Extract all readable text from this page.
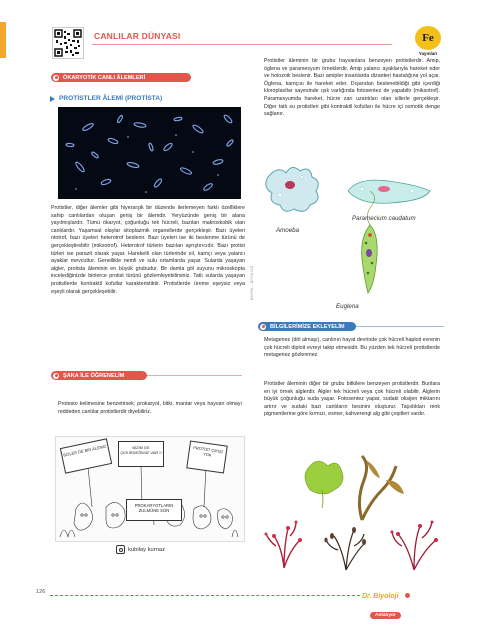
CANLILAR DÜNYASI	Fe
Yayınları
ÖKARYOTİK CANLI ÂLEMLERİ
PROTİSTLER ÂLEMİ (PROTİSTA)

Protistler, diğer âlemler gibi hiyerarşik bir düzende ilerlemeyen farklı özelliklere sahip canlılardan oluşan geniş bir âlemdir. Yeryüzünde geniş bir alana yayılmışlardır. Tümü ökaryot, çoğunluğu tek hücreli, bazıları makroskobik olan canlılardır. Yaşamsal olaylar sitoplazmik organellerde gerçekleşir. Bazı üyeleri ototrof, bazı üyeleri heterotrof beslenir. Bazı üyeleri ise iki beslenme türünü de gerçekleştirebilir (miksotrof). Heterotrof türlerin bazıları ayrıştırıcıdır. Bazı protist türleri ise parazit olarak yaşar. Hareketli olan türlerinde sil, kamçı veya yalancı ayaklar mevcuttur. Genellikle nemli ve sulu ortamlarda yaşar. Sularda yaşayan algler, protista âleminin en büyük grubudur. Bir damla göl suyunu mikroskopta incelediğinizde binlerce protist türünü gözlemleyebilirsiniz. Tatlı sularda yaşayan protistlerde kontraktil kofullar karakteristiktir. Protistlerde üreme eşeysiz veya eşeyli olarak gerçekleşebilir.	BAYRA... BİYOLOJİ
ŞAKA İLE ÖĞRENELİM

Protesto kelimesine benzetirsek; prokaryot, bitki, mantar veya hayvan olmayı reddeden canlılar protistlerdir diyebiliriz.

BİZLER DE BİR ÂLEMİZ	BİZİM DE ÇEKİRDEĞİMİZ VAR !!	PROTİST ÇIKIŞI YOK
PROKARYOTLARIN ZULMÜNE SON
kubilay kurnaz

Protistler âleminin bir grubu hayvanlara benzeyen protistlerdir. Amip, öglena ve paramesyum örneklerdir. Amip yalancı ayaklarıyla hareket eder ve holozoik beslenir. Bazı amipler insanlarda dizanteri hastalığına yol açar. Öglena, kamçısı ile hareket eder. Dışarıdan beslenebildiği gibi içerdiği kloroplastlar sayesinde ışık varlığında fotosentez de yapabilir (miksotrof). Paramesyumda hareket, hücre zarı uzantıları olan sillerle gerçekleşir. Diğer tatlı su protistleri gibi kontraktil kofulları ile hücre içi osmotik denge sağlanır.

Amoeba
Paramecium caudatum
Euglena
BİLGİLERİMİZE EKLEYELİM

Metagenez (döl almaşı), canlının hayat devrinde çok hücreli haploit evrenin çok hücreli diploit evreyi takip etmesidir. Bu yüzden tek hücreli protistlerde metagenez gözlenmez.

Protistler âleminin diğer bir grubu bitkilere benzeyen protistlerdir. Bunlara en iyi örnek alglerdir. Algler tek hücreli veya çok hücreli olabilir. Alglerin büyük çoğunluğu suda yaşar. Fotosentez yapar, sudaki oksijen miktarını artırır ve sudaki bazı canlıların besinini oluşturur. Taşıdıkları renk pigmentlerine göre kırmızı, esmer, kahverengi alg gibi çeşitleri vardır.

126
Dr. Biyoloji  Anlatıyor
